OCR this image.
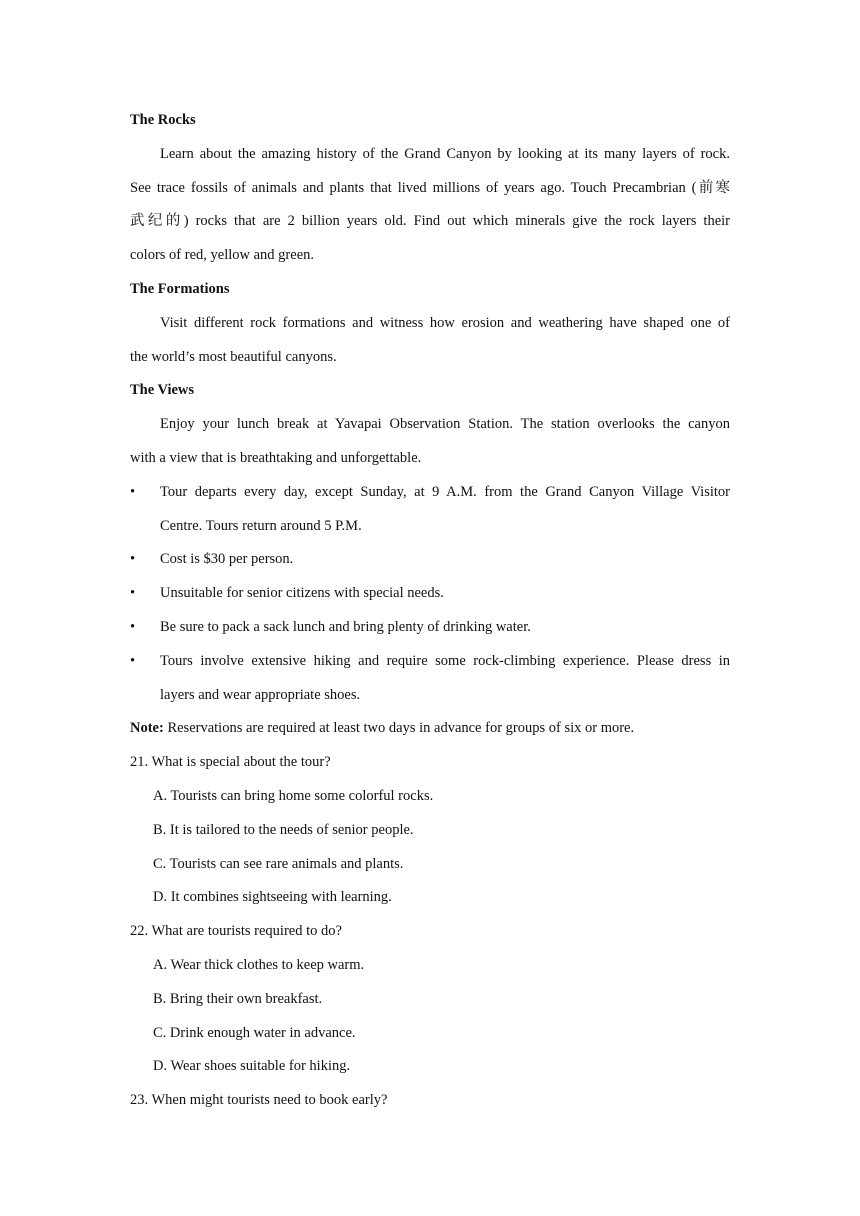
The Rocks
Learn about the amazing history of the Grand Canyon by looking at its many layers of rock.
See trace fossils of animals and plants that lived millions of years ago. Touch Precambrian (前寒
武纪的) rocks that are 2 billion years old. Find out which minerals give the rock layers their
colors of red, yellow and green.
The Formations
Visit different rock formations and witness how erosion and weathering have shaped one of
the world’s most beautiful canyons.
The Views
Enjoy your lunch break at Yavapai Observation Station. The station overlooks the canyon
with a view that is breathtaking and unforgettable.
•	Tour departs every day, except Sunday, at 9 A.M. from the Grand Canyon Village Visitor
Centre. Tours return around 5 P.M.
•	Cost is $30 per person.
•	Unsuitable for senior citizens with special needs.
•	Be sure to pack a sack lunch and bring plenty of drinking water.
•	Tours involve extensive hiking and require some rock-climbing experience. Please dress in
layers and wear appropriate shoes.
Note: Reservations are required at least two days in advance for groups of six or more.
21. What is special about the tour?
A. Tourists can bring home some colorful rocks.
B. It is tailored to the needs of senior people.
C. Tourists can see rare animals and plants.
D. It combines sightseeing with learning.
22. What are tourists required to do?
A. Wear thick clothes to keep warm.
B. Bring their own breakfast.
C. Drink enough water in advance.
D. Wear shoes suitable for hiking.
23. When might tourists need to book early?
